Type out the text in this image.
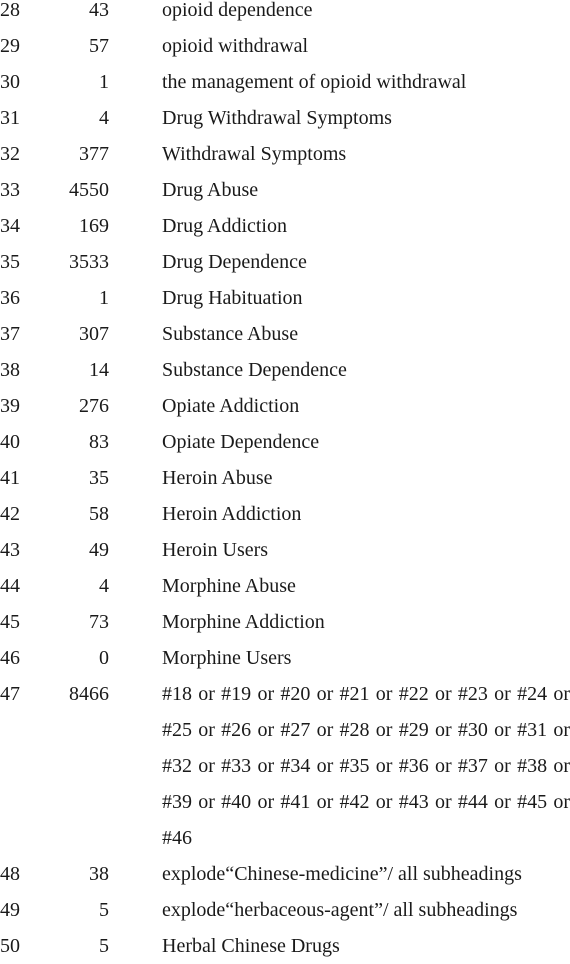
28	43	opioid dependence
29	57	opioid withdrawal
30	1	the management of opioid withdrawal
31	4	Drug Withdrawal Symptoms
32	377	Withdrawal Symptoms
33	4550	Drug Abuse
34	169	Drug Addiction
35	3533	Drug Dependence
36	1	Drug Habituation
37	307	Substance Abuse
38	14	Substance Dependence
39	276	Opiate Addiction
40	83	Opiate Dependence
41	35	Heroin Abuse
42	58	Heroin Addiction
43	49	Heroin Users
44	4	Morphine Abuse
45	73	Morphine Addiction
46	0	Morphine Users
47	8466	#18 or #19 or #20 or #21 or #22 or #23 or #24 or #25 or #26 or #27 or #28 or #29 or #30 or #31 or #32 or #33 or #34 or #35 or #36 or #37 or #38 or #39 or #40 or #41 or #42 or #43 or #44 or #45 or #46
48	38	explode“Chinese-medicine”/ all subheadings
49	5	explode“herbaceous-agent”/ all subheadings
50	5	Herbal Chinese Drugs
